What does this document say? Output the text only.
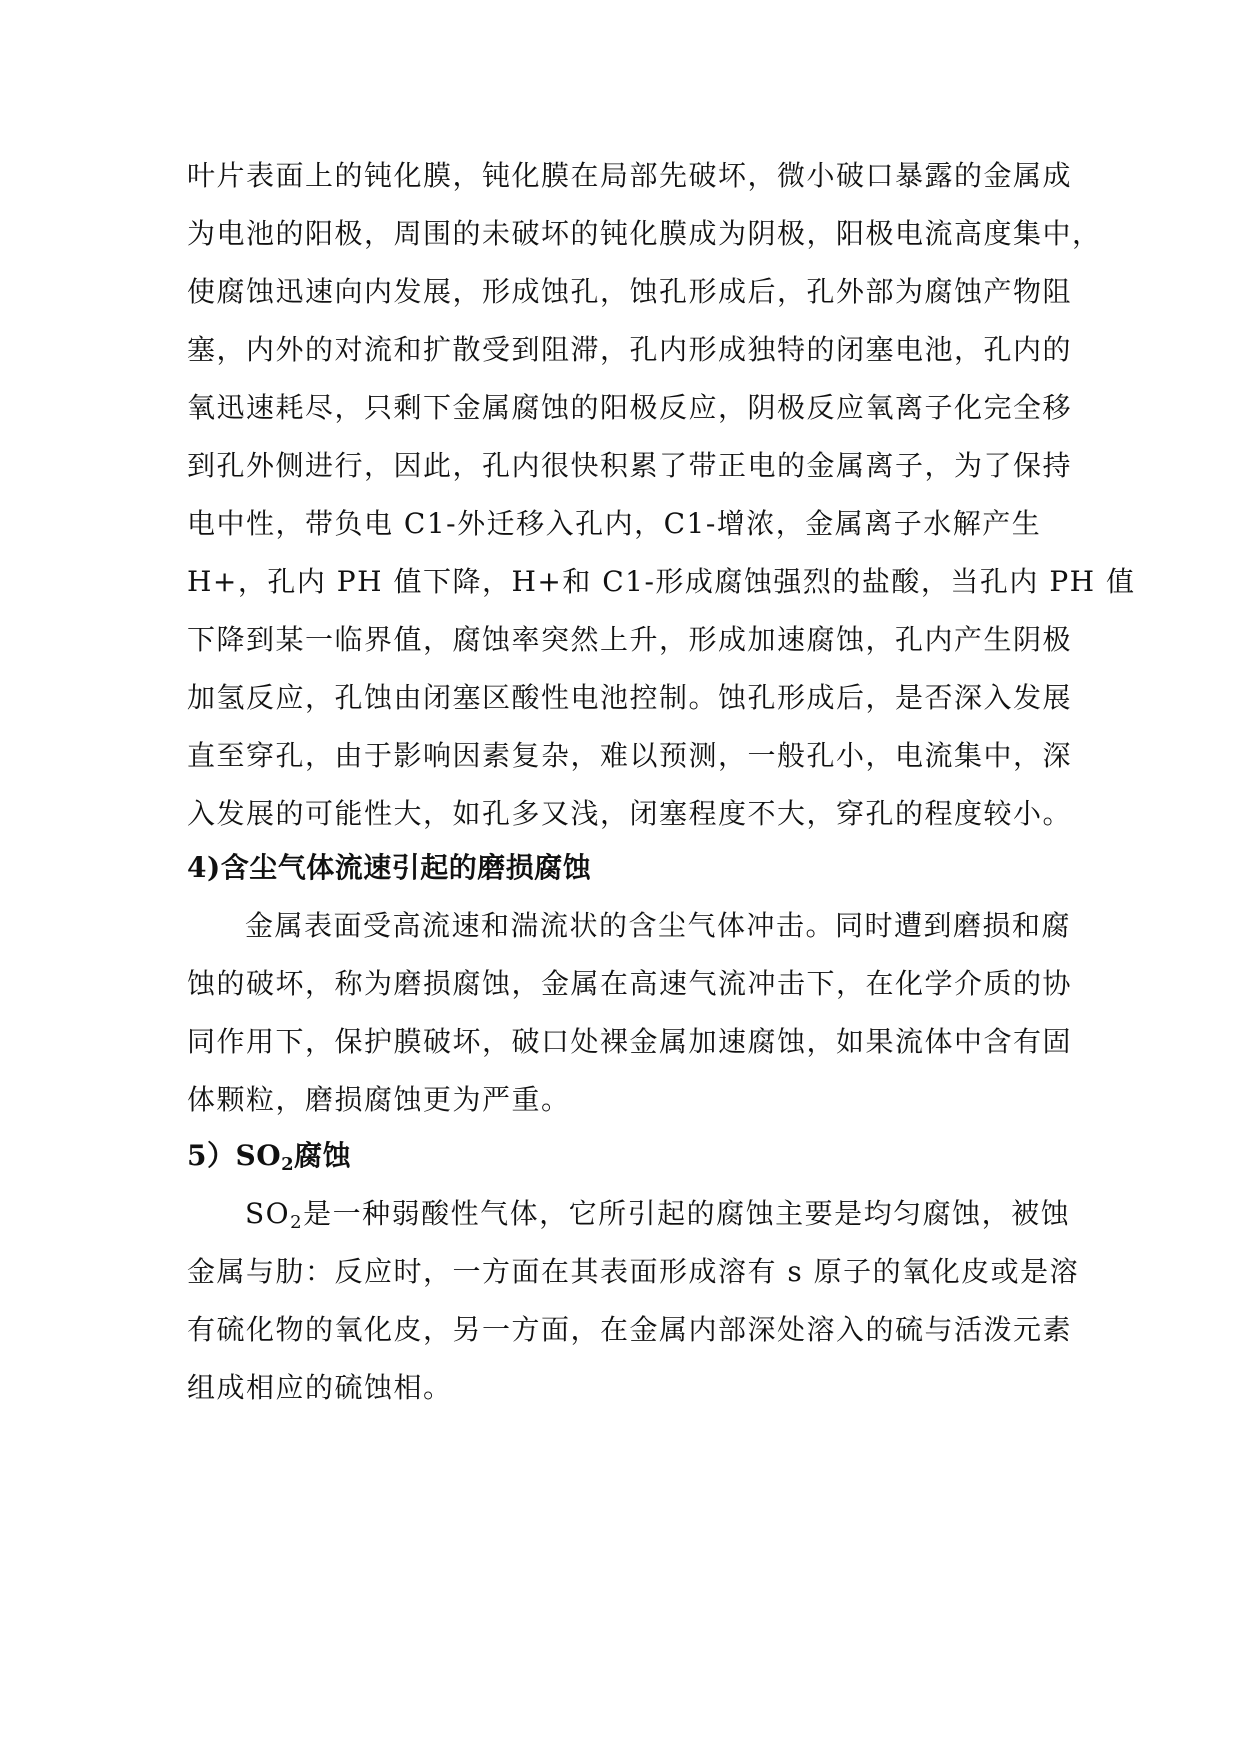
叶片表面上的钝化膜，钝化膜在局部先破坏，微小破口暴露的金属成
为电池的阳极，周围的未破坏的钝化膜成为阴极，阳极电流高度集中，
使腐蚀迅速向内发展，形成蚀孔，蚀孔形成后，孔外部为腐蚀产物阻
塞，内外的对流和扩散受到阻滞，孔内形成独特的闭塞电池，孔内的
氧迅速耗尽，只剩下金属腐蚀的阳极反应，阴极反应氧离子化完全移
到孔外侧进行，因此，孔内很快积累了带正电的金属离子，为了保持
电中性，带负电 C1-外迁移入孔内，C1-增浓，金属离子水解产生
H+，孔内 PH 值下降，H+和 C1-形成腐蚀强烈的盐酸，当孔内 PH 值
下降到某一临界值，腐蚀率突然上升，形成加速腐蚀，孔内产生阴极
加氢反应，孔蚀由闭塞区酸性电池控制。蚀孔形成后，是否深入发展
直至穿孔，由于影响因素复杂，难以预测，一般孔小，电流集中，深
入发展的可能性大，如孔多又浅，闭塞程度不大，穿孔的程度较小。
4)含尘气体流速引起的磨损腐蚀
金属表面受高流速和湍流状的含尘气体冲击。同时遭到磨损和腐
蚀的破坏，称为磨损腐蚀，金属在高速气流冲击下，在化学介质的协
同作用下，保护膜破坏，破口处裸金属加速腐蚀，如果流体中含有固
体颗粒，磨损腐蚀更为严重。
$5)SO_2$腐蚀
$SO_2$是一种弱酸性气体，它所引起的腐蚀主要是均匀腐蚀，被蚀
金属与肋：反应时，一方面在其表面形成溶有 s 原子的氧化皮或是溶
有硫化物的氧化皮，另一方面，在金属内部深处溶入的硫与活泼元素
组成相应的硫蚀相。
